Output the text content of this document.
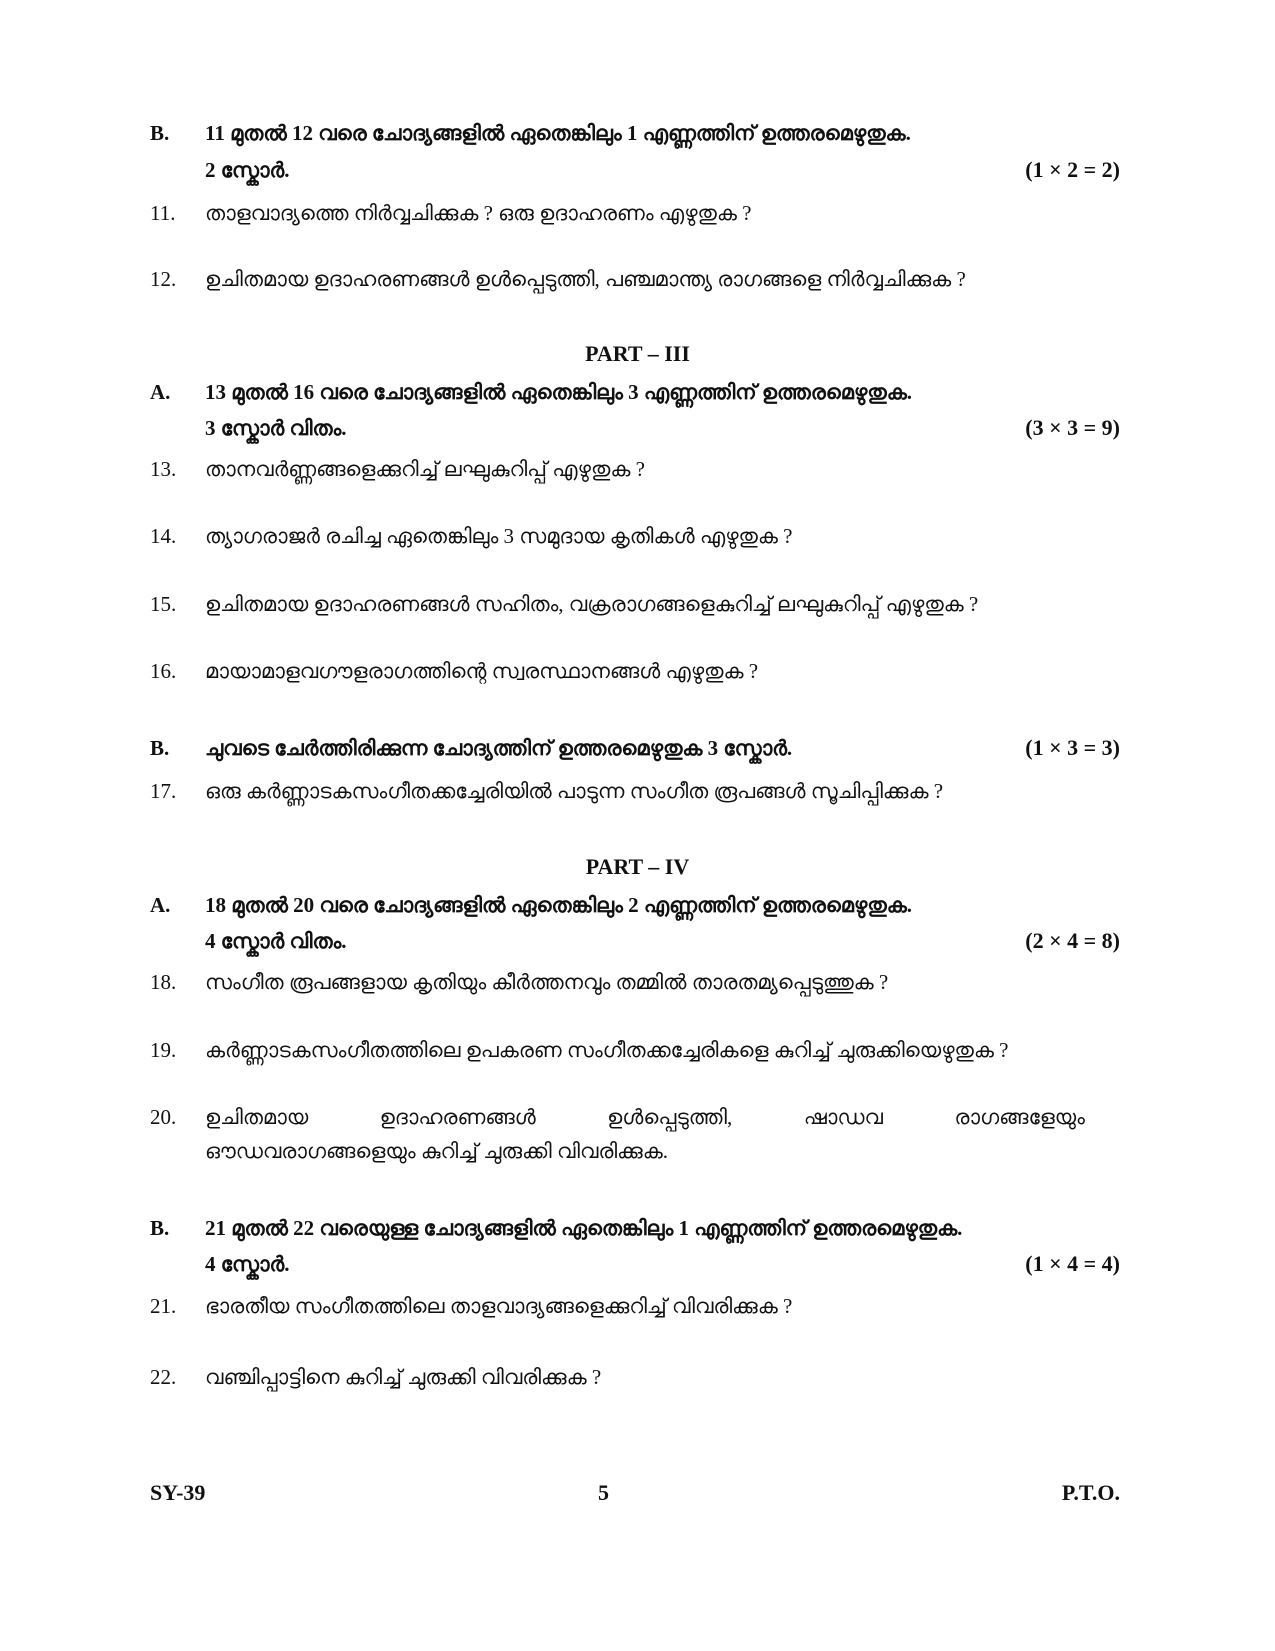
B.	11 മുതൽ 12 വരെ ചോദ്യങ്ങളിൽ ഏതെങ്കിലും 1 എണ്ണത്തിന് ഉത്തരമെഴുതുക.
2 സ്കോർ.	(1 × 2 = 2)
11.	താളവാദ്യത്തെ നിർവ്വചിക്കുക ? ഒരു ഉദാഹരണം എഴുതുക ?
12.	ഉചിതമായ ഉദാഹരണങ്ങൾ ഉൾപ്പെടുത്തി, പഞ്ചമാന്ത്യ രാഗങ്ങളെ നിർവ്വചിക്കുക ?
PART – III
A.	13 മുതൽ 16 വരെ ചോദ്യങ്ങളിൽ ഏതെങ്കിലും 3 എണ്ണത്തിന് ഉത്തരമെഴുതുക.
3 സ്കോർ വിതം.	(3 × 3 = 9)
13.	താനവർണ്ണങ്ങളെക്കുറിച്ച് ലഘുകുറിപ്പ് എഴുതുക ?
14.	ത്യാഗരാജർ രചിച്ച ഏതെങ്കിലും 3 സമുദായ കൃതികൾ എഴുതുക ?
15.	ഉചിതമായ ഉദാഹരണങ്ങൾ സഹിതം, വക്രരാഗങ്ങളെകുറിച്ച് ലഘുകുറിപ്പ് എഴുതുക ?
16.	മായാമാളവഗൗളരാഗത്തിന്റെ സ്വരസ്ഥാനങ്ങൾ എഴുതുക ?
B.	ചുവടെ ചേർത്തിരിക്കുന്ന ചോദ്യത്തിന് ഉത്തരമെഴുതുക 3 സ്കോർ.	(1 × 3 = 3)
17.	ഒരു കർണ്ണാടകസംഗീതക്കച്ചേരിയിൽ പാടുന്ന സംഗീത രൂപങ്ങൾ സൂചിപ്പിക്കുക ?
PART – IV
A.	18 മുതൽ 20 വരെ ചോദ്യങ്ങളിൽ ഏതെങ്കിലും 2 എണ്ണത്തിന് ഉത്തരമെഴുതുക.
4 സ്കോർ വിതം.	(2 × 4 = 8)
18.	സംഗീത രൂപങ്ങളായ കൃതിയും കീർത്തനവും തമ്മിൽ താരതമ്യപ്പെടുത്തുക ?
19.	കർണ്ണാടകസംഗീതത്തിലെ ഉപകരണ സംഗീതക്കച്ചേരികളെ കുറിച്ച് ചുരുക്കിയെഴുതുക ?
20.	ഉചിതമായ	ഉദാഹരണങ്ങൾ	ഉൾപ്പെടുത്തി,	ഷാഡവ	രാഗങ്ങളേയും
ഔഡവരാഗങ്ങളെയും കുറിച്ച് ചുരുക്കി വിവരിക്കുക.
B.	21 മുതൽ 22 വരെയുള്ള ചോദ്യങ്ങളിൽ ഏതെങ്കിലും 1 എണ്ണത്തിന് ഉത്തരമെഴുതുക.
4 സ്കോർ.	(1 × 4 = 4)
21.	ഭാരതീയ സംഗീതത്തിലെ താളവാദ്യങ്ങളെക്കുറിച്ച് വിവരിക്കുക ?
22.	വഞ്ചിപ്പാട്ടിനെ കുറിച്ച് ചുരുക്കി വിവരിക്കുക ?
SY-39	5	P.T.O.
